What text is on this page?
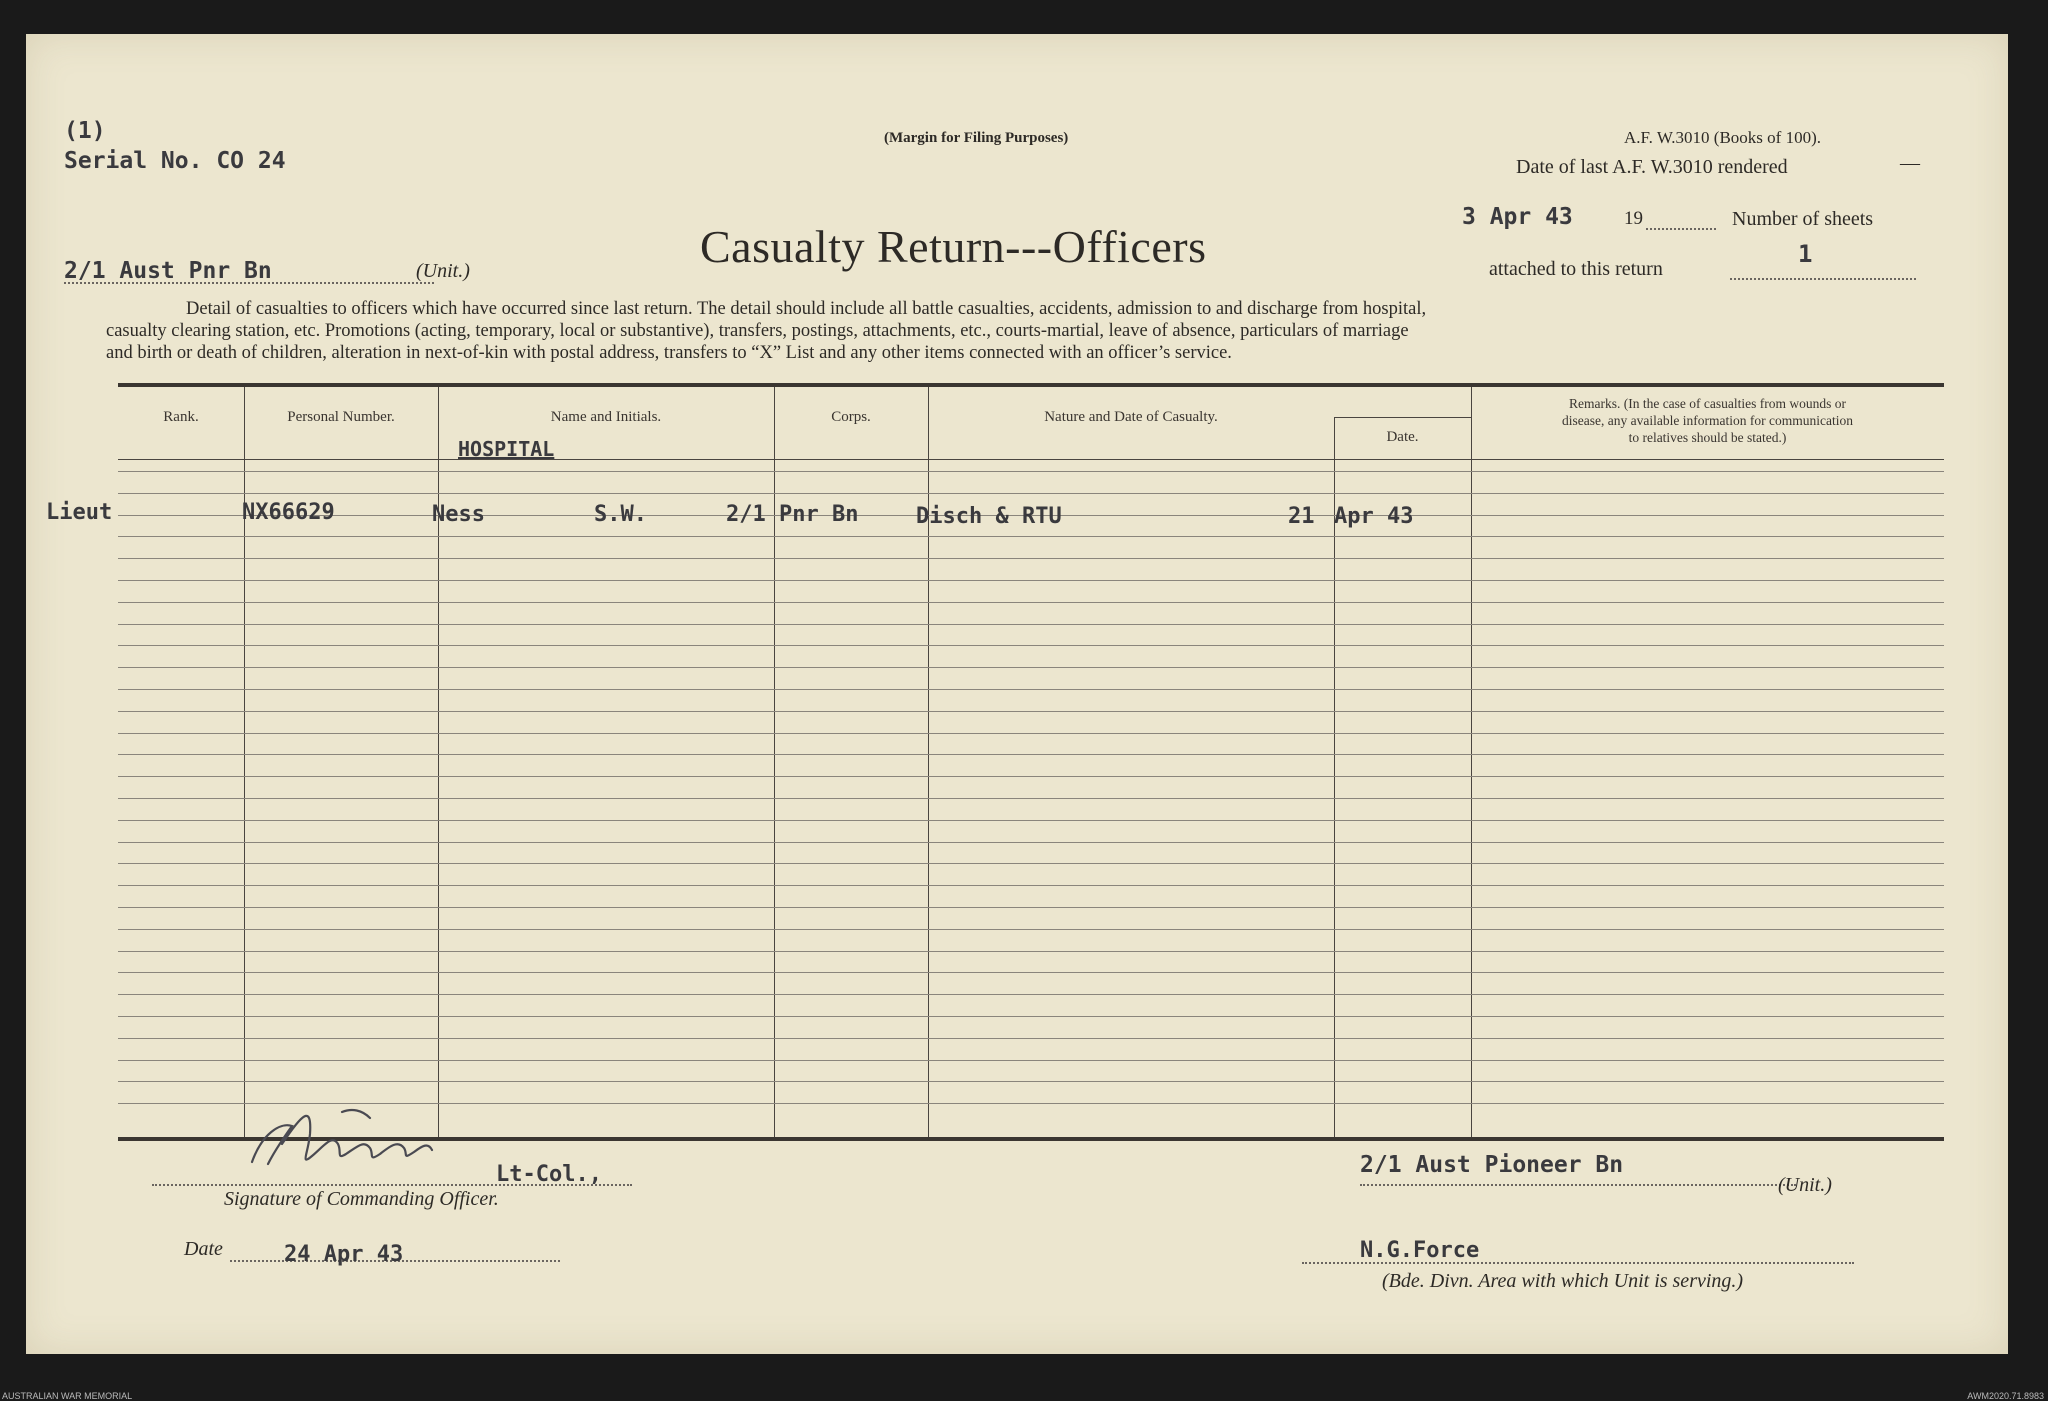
(1)
Serial No. CO 24
(Margin for Filing Purposes)	A.F. W.3010 (Books of 100).
Date of last A.F. W.3010 rendered	—
3 Apr 43	19	Number of sheets
attached to this return
1
2/1 Aust Pnr Bn	(Unit.)	Casualty Return---Officers
Detail of casualties to officers which have occurred since last return. The detail should include all battle casualties, accidents, admission to and discharge from hospital,
casualty clearing station, etc. Promotions (acting, temporary, local or substantive), transfers, postings, attachments, etc., courts-martial, leave of absence, particulars of marriage
and birth or death of children, alteration in next-of-kin with postal address, transfers to “X” List and any other items connected with an officer’s service.
Rank.	Personal Number.	Name and Initials.	Corps.	Nature and Date of Casualty.
Date.
Remarks. (In the case of casualties from wounds or
disease, any available information for communication
to relatives should be stated.)
HOSPITAL
Lieut	NX66629	Ness	S.W.	2/1 Pnr Bn	Disch & RTU	21 Apr 43
Lt-Col.,
Signature of Commanding Officer.
Date	24 Apr 43
2/1 Aust Pioneer Bn
(Unit.)
N.G.Force
(Bde. Divn. Area with which Unit is serving.)
AUSTRALIAN WAR MEMORIAL	AWM2020.71.8983
